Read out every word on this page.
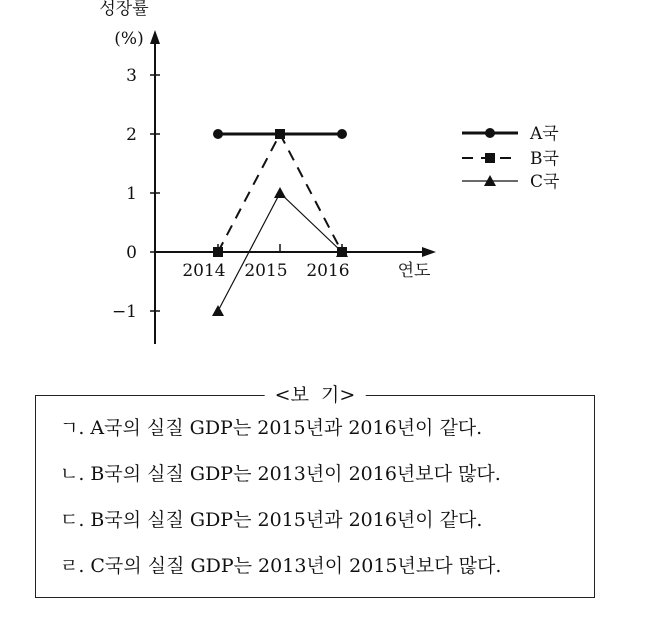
성장률
(%)
연도
−1
0
1
2
3
2014 2015 2016
A국
B국
C국
<보  기>
ㄱ. A국의 실질 GDP는 2015년과 2016년이 같다.
ㄴ. B국의 실질 GDP는 2013년이 2016년보다 많다.
ㄷ. B국의 실질 GDP는 2015년과 2016년이 같다.
ㄹ. C국의 실질 GDP는 2013년이 2015년보다 많다.
